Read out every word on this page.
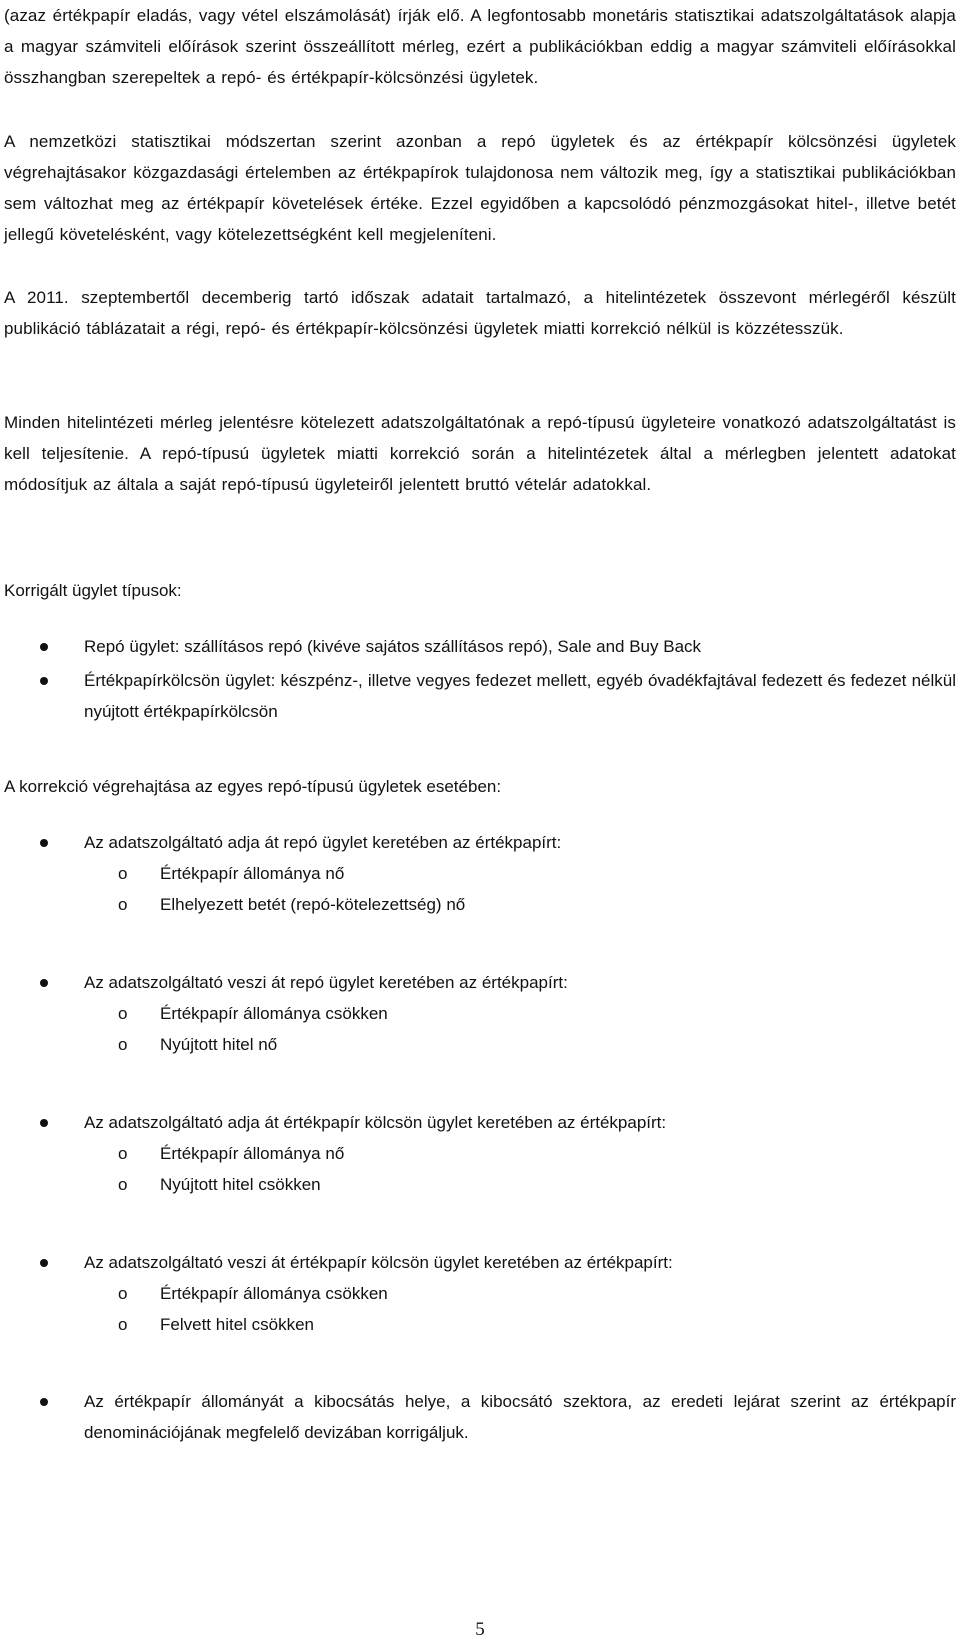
(azaz értékpapír eladás, vagy vétel elszámolását) írják elő. A legfontosabb monetáris statisztikai adatszolgáltatások alapja a magyar számviteli előírások szerint összeállított mérleg, ezért a publikációkban eddig a magyar számviteli előírásokkal összhangban szerepeltek a repó- és értékpapír-kölcsönzési ügyletek.

A nemzetközi statisztikai módszertan szerint azonban a repó ügyletek és az értékpapír kölcsönzési ügyletek végrehajtásakor közgazdasági értelemben az értékpapírok tulajdonosa nem változik meg, így a statisztikai publikációkban sem változhat meg az értékpapír követelések értéke. Ezzel egyidőben a kapcsolódó pénzmozgásokat hitel-, illetve betét jellegű követelésként, vagy kötelezettségként kell megjeleníteni.

A 2011. szeptembertől decemberig tartó időszak adatait tartalmazó, a hitelintézetek összevont mérlegéről készült publikáció táblázatait a régi, repó- és értékpapír-kölcsönzési ügyletek miatti korrekció nélkül is közzétesszük.

Minden hitelintézeti mérleg jelentésre kötelezett adatszolgáltatónak a repó-típusú ügyleteire vonatkozó adatszolgáltatást is kell teljesítenie. A repó-típusú ügyletek miatti korrekció során a hitelintézetek által a mérlegben jelentett adatokat módosítjuk az általa a saját repó-típusú ügyleteiről jelentett bruttó vételár adatokkal.

Korrigált ügylet típusok:

Repó ügylet: szállításos repó (kivéve sajátos szállításos repó), Sale and Buy Back
Értékpapírkölcsön ügylet: készpénz-, illetve vegyes fedezet mellett, egyéb óvadékfajtával fedezett és fedezet nélkül nyújtott értékpapírkölcsön

A korrekció végrehajtása az egyes repó-típusú ügyletek esetében:

Az adatszolgáltató adja át repó ügylet keretében az értékpapírt:
o Értékpapír állománya nő
o Elhelyezett betét (repó-kötelezettség) nő
Az adatszolgáltató veszi át repó ügylet keretében az értékpapírt:
o Értékpapír állománya csökken
o Nyújtott hitel nő
Az adatszolgáltató adja át értékpapír kölcsön ügylet keretében az értékpapírt:
o Értékpapír állománya nő
o Nyújtott hitel csökken
Az adatszolgáltató veszi át értékpapír kölcsön ügylet keretében az értékpapírt:
o Értékpapír állománya csökken
o Felvett hitel csökken
Az értékpapír állományát a kibocsátás helye, a kibocsátó szektora, az eredeti lejárat szerint az értékpapír denominációjának megfelelő devizában korrigáljuk.
5
